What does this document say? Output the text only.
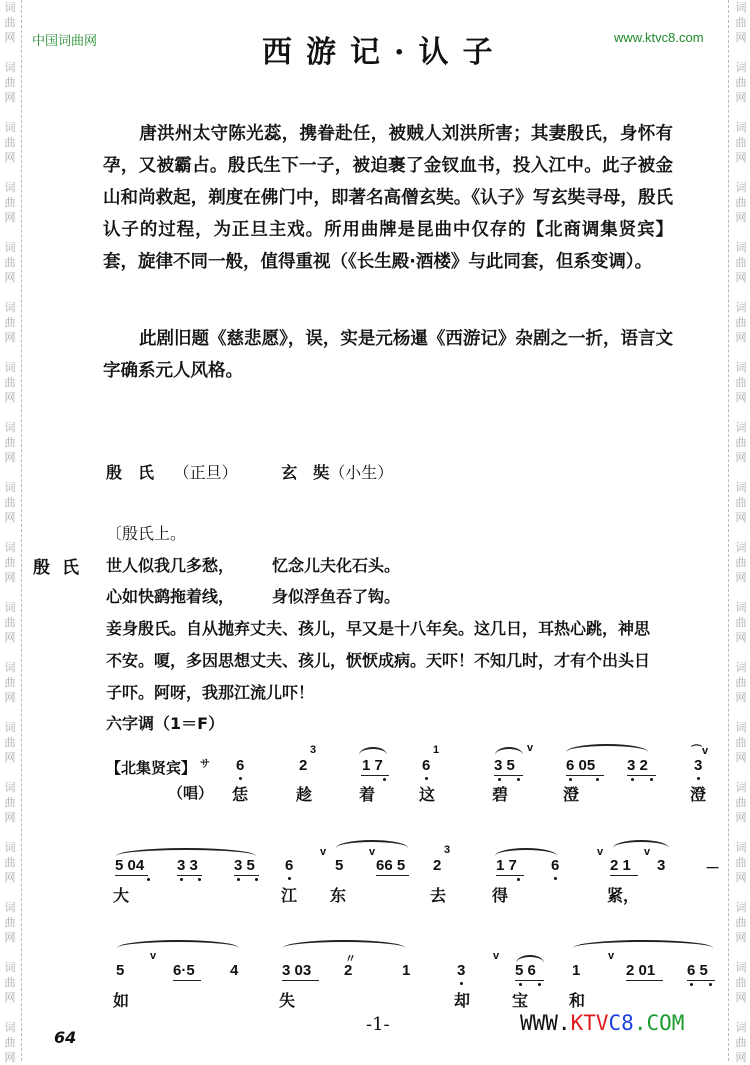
词
曲
网
词
曲
网
词
曲
网
词
曲
网
词
曲
网
词
曲
网
词
曲
网
词
曲
网
词
曲
网
词
曲
网
词
曲
网
词
曲
网
词
曲
网
词
曲
网
词
曲
网
词
曲
网
词
曲
网
词
曲
网
词
曲
网
词
曲
网
词
曲
网
词
曲
网
词
曲
网
词
曲
网
词
曲
网
词
曲
网
词
曲
网
词
曲
网
词
曲
网
词
曲
网
词
曲
网
词
曲
网
词
曲
网
词
曲
网
词
曲
网
词
曲
网
中国词曲网	西游记·认子	www.ktvc8.com
唐洪州太守陈光蕊，携眷赴任，被贼人刘洪所害；其妻殷氏，身怀有孕，又被霸占。殷氏生下一子，被迫裹了金钗血书，投入江中。此子被金山和尚救起，剃度在佛门中，即著名高僧玄奘。《认子》写玄奘寻母，殷氏认子的过程，为正旦主戏。所用曲牌是昆曲中仅存的【北商调集贤宾】套，旋律不同一般，值得重视（《长生殿·酒楼》与此同套，但系变调）。
此剧旧题《慈悲愿》，误，实是元杨暹《西游记》杂剧之一折，语言文字确系元人风格。
殷　氏 （正旦）	玄　奘（小生）
〔殷氏上。
殷氏 世人似我几多愁， 忆念儿夫化石头。
心如快鹞拖着线， 身似浮鱼吞了钩。
妾身殷氏。自从抛弃丈夫、孩儿，早又是十八年矣。这几日，耳热心跳，神思
不安。嗄，多因思想丈夫、孩儿，恹恹成病。天吓！不知几时，才有个出头日
子吓。阿呀，我那江流儿吓！
六字调（1＝F）
【北集贤宾】 $^サ$
（唱）
6	2
3
1 7	6
1	v
3 5	6 05 3 2
⌒v
3
恁	趁	着	这	碧	澄	澄
5 04 3 3 3 5 6
v
5
v
66 5 2
3
1 7 6
v
2 1
v
3	－
大	江 东	去	得	紧，
5
v
6·5 4	3 03
〃
2	1	3
v
5 6 1
v
2 01 6 5
如	失	却	宝	和
64
-1-	WWW.KTVC8.COM
